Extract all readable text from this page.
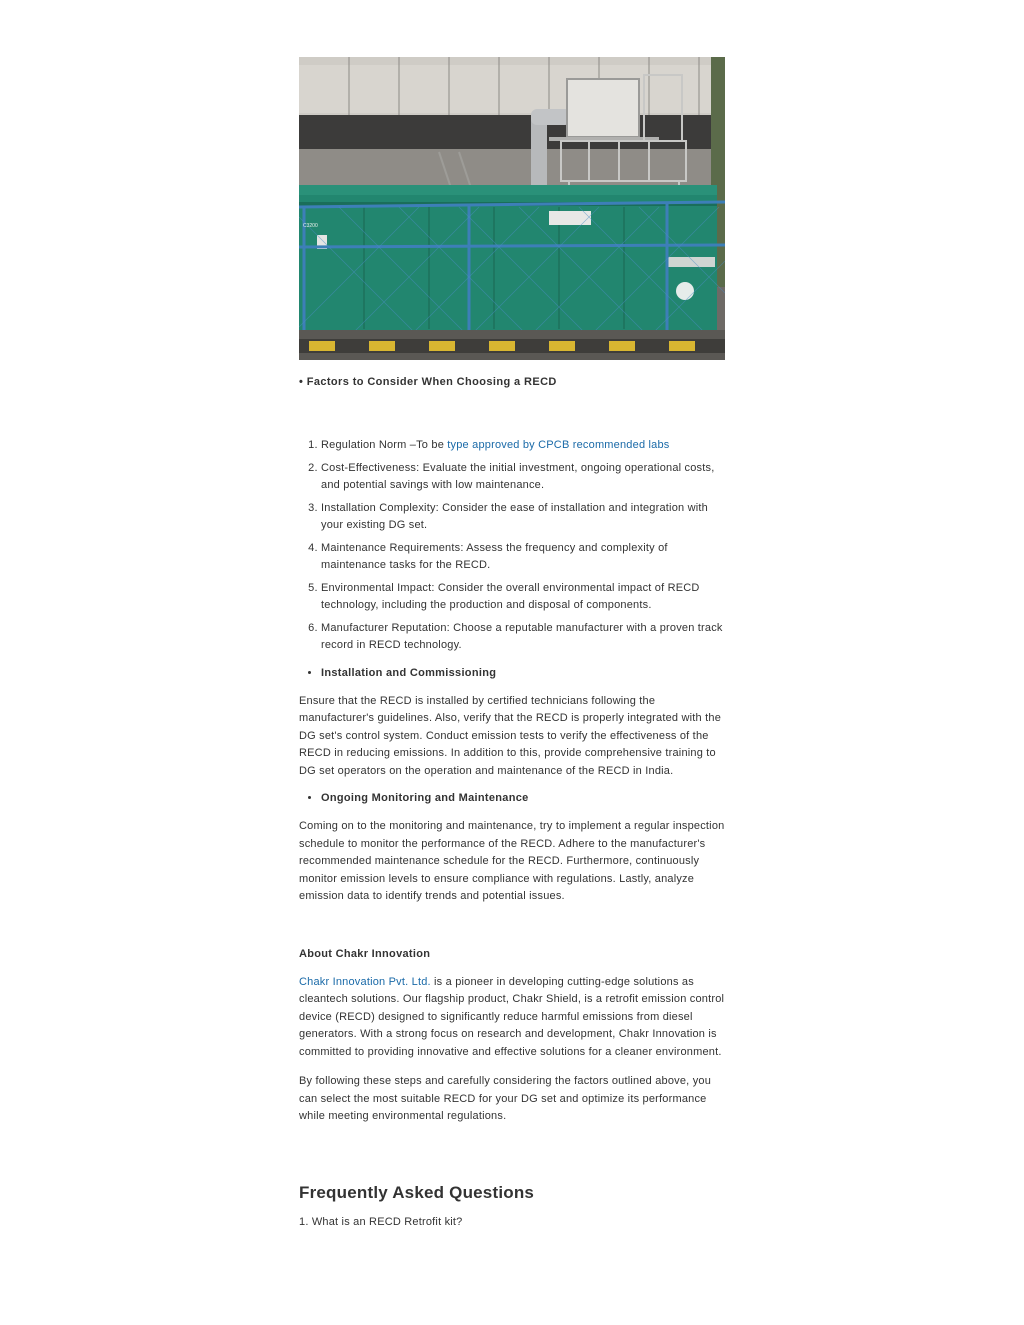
C3200
• Factors to Consider When Choosing a RECD
1. Regulation Norm –To be type approved by CPCB recommended labs
2. Cost-Effectiveness: Evaluate the initial investment, ongoing operational costs, and potential savings with low maintenance.
3. Installation Complexity: Consider the ease of installation and integration with your existing DG set.
4. Maintenance Requirements: Assess the frequency and complexity of maintenance tasks for the RECD.
5. Environmental Impact: Consider the overall environmental impact of RECD technology, including the production and disposal of components.
6. Manufacturer Reputation: Choose a reputable manufacturer with a proven track record in RECD technology.
• Installation and Commissioning

Ensure that the RECD is installed by certified technicians following the manufacturer's guidelines. Also, verify that the RECD is properly integrated with the DG set's control system. Conduct emission tests to verify the effectiveness of the RECD in reducing emissions. In addition to this, provide comprehensive training to DG set operators on the operation and maintenance of the RECD in India.

• Ongoing Monitoring and Maintenance

Coming on to the monitoring and maintenance, try to implement a regular inspection schedule to monitor the performance of the RECD. Adhere to the manufacturer's recommended maintenance schedule for the RECD. Furthermore, continuously monitor emission levels to ensure compliance with regulations. Lastly, analyze emission data to identify trends and potential issues.

About Chakr Innovation

Chakr Innovation Pvt. Ltd. is a pioneer in developing cutting-edge solutions as cleantech solutions. Our flagship product, Chakr Shield, is a retrofit emission control device (RECD) designed to significantly reduce harmful emissions from diesel generators. With a strong focus on research and development, Chakr Innovation is committed to providing innovative and effective solutions for a cleaner environment.

By following these steps and carefully considering the factors outlined above, you can select the most suitable RECD for your DG set and optimize its performance while meeting environmental regulations.

Frequently Asked Questions
1. What is an RECD Retrofit kit?
